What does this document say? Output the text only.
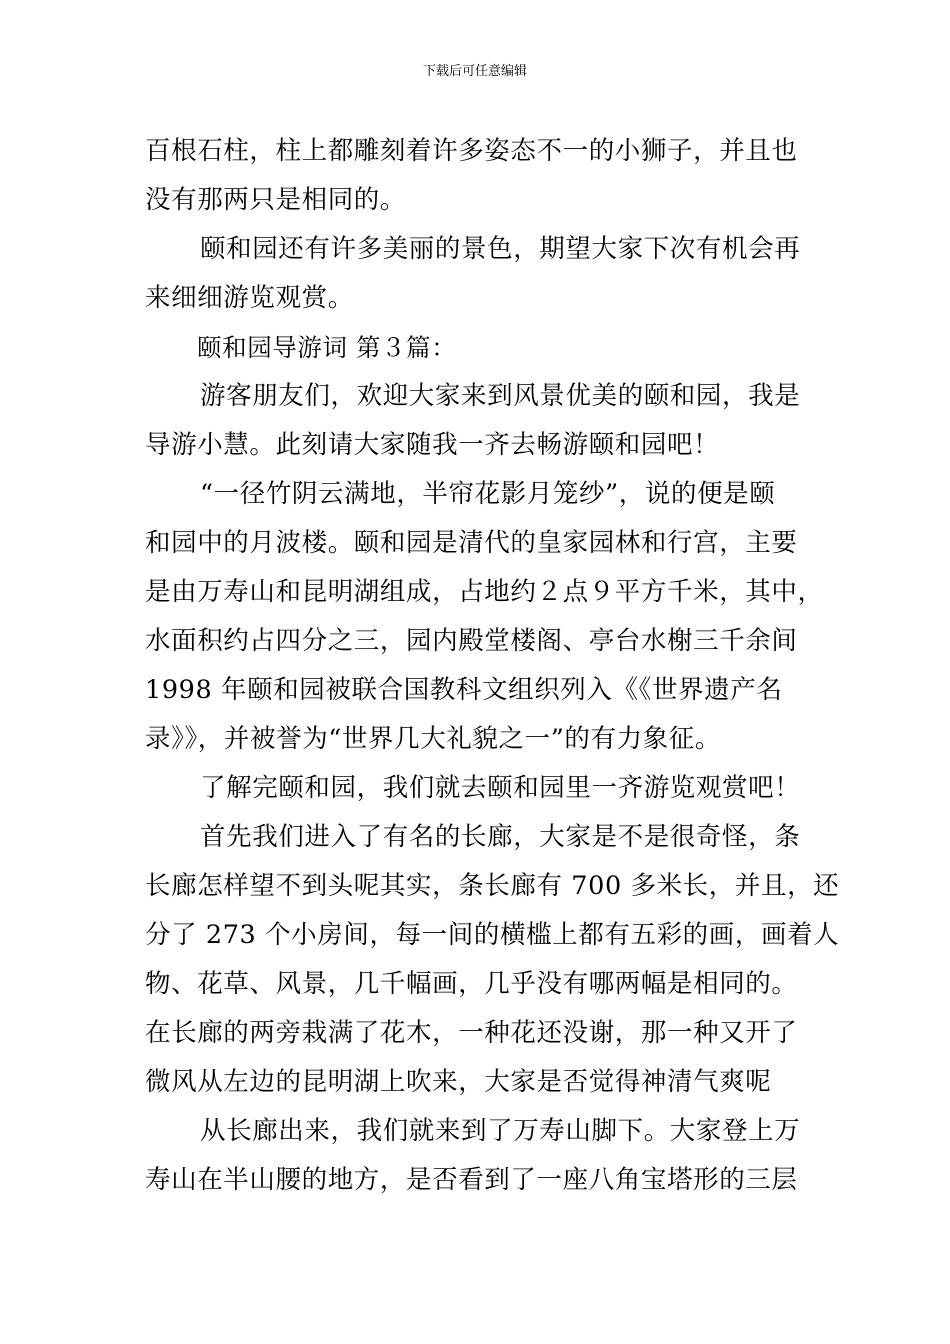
下载后可任意编辑
百根石柱，柱上都雕刻着许多姿态不一的小狮子，并且也
没有那两只是相同的。
颐和园还有许多美丽的景色，期望大家下次有机会再
来细细游览观赏。
颐和园导游词 第３篇：
游客朋友们，欢迎大家来到风景优美的颐和园，我是
导游小慧。此刻请大家随我一齐去畅游颐和园吧！
“一径竹阴云满地，半帘花影月笼纱”，说的便是颐
和园中的月波楼。颐和园是清代的皇家园林和行宫，主要
是由万寿山和昆明湖组成，占地约２点９平方千米，其中，
水面积约占四分之三，园内殿堂楼阁、亭台水榭三千余间
1998 年颐和园被联合国教科文组织列入《《世界遗产名
录》》，并被誉为“世界几大礼貌之一”的有力象征。
了解完颐和园，我们就去颐和园里一齐游览观赏吧！
首先我们进入了有名的长廊，大家是不是很奇怪，条
长廊怎样望不到头呢其实，条长廊有 700 多米长，并且，还
分了 273 个小房间，每一间的横槛上都有五彩的画，画着人
物、花草、风景，几千幅画，几乎没有哪两幅是相同的。
在长廊的两旁栽满了花木，一种花还没谢，那一种又开了
微风从左边的昆明湖上吹来，大家是否觉得神清气爽呢
从长廊出来，我们就来到了万寿山脚下。大家登上万
寿山在半山腰的地方，是否看到了一座八角宝塔形的三层
